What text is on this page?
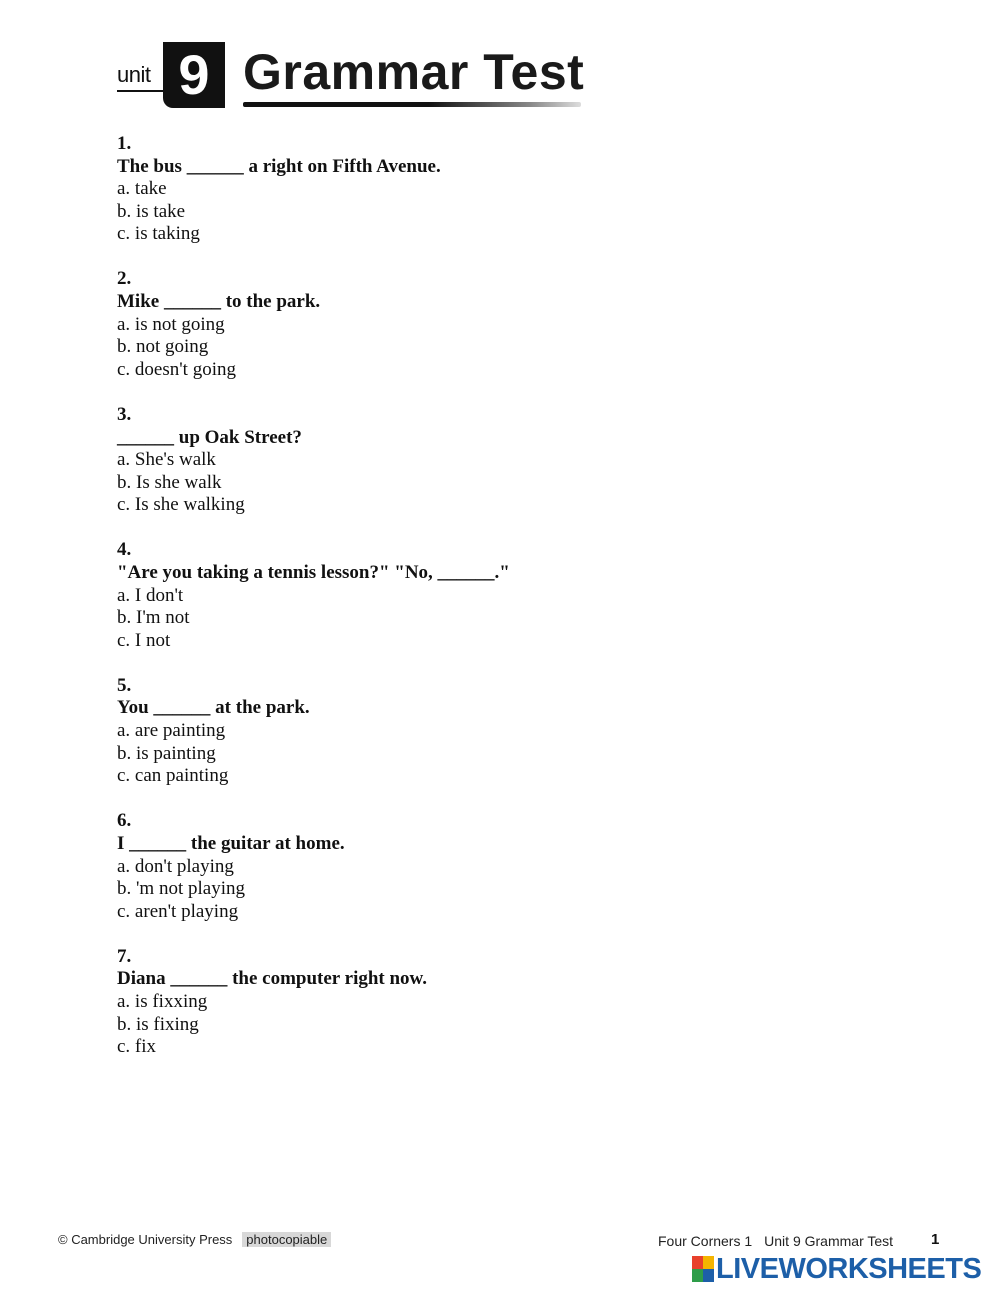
unit 9 Grammar Test
1.
The bus ______ a right on Fifth Avenue.
a. take
b. is take
c. is taking
2.
Mike ______ to the park.
a. is not going
b. not going
c. doesn't going
3.
______ up Oak Street?
a. She's walk
b. Is she walk
c. Is she walking
4.
"Are you taking a tennis lesson?" "No, ______."
a. I don't
b. I'm not
c. I not
5.
You ______ at the park.
a. are painting
b. is painting
c. can painting
6.
I ______ the guitar at home.
a. don't playing
b. 'm not playing
c. aren't playing
7.
Diana ______ the computer right now.
a. is fixxing
b. is fixing
c. fix
© Cambridge University Press photocopiable	Four Corners 1 Unit 9 Grammar Test	1
LIVEWORKSHEETS
